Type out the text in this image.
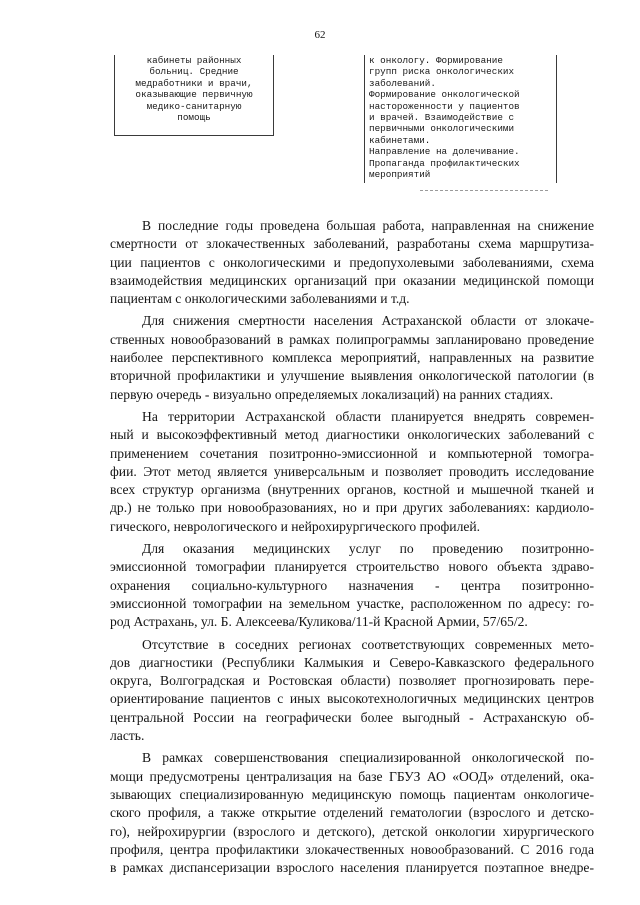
62
кабинеты районных
больниц. Средние
медработники и врачи,
оказывающие первичную
медико-санитарную
помощь
к онкологу. Формирование
групп риска онкологических
заболеваний.
Формирование онкологической
настороженности у пациентов
и врачей. Взаимодействие с
первичными онкологическими
кабинетами.
Направление на долечивание.
Пропаганда профилактических
мероприятий
В последние годы проведена большая работа, направленная на снижение
смертности от злокачественных заболеваний, разработаны схема маршрутиза-
ции пациентов с онкологическими и предопухолевыми заболеваниями, схема
взаимодействия медицинских организаций при оказании медицинской помощи
пациентам с онкологическими заболеваниями и т.д.
Для снижения смертности населения Астраханской области от злокаче-
ственных новообразований в рамках полипрограммы запланировано проведение
наиболее перспективного комплекса мероприятий, направленных на развитие
вторичной профилактики и улучшение выявления онкологической патологии (в
первую очередь - визуально определяемых локализаций) на ранних стадиях.
На территории Астраханской области планируется внедрять современ-
ный и высокоэффективный метод диагностики онкологических заболеваний с
применением сочетания позитронно-эмиссионной и компьютерной томогра-
фии. Этот метод является универсальным и позволяет проводить исследование
всех структур организма (внутренних органов, костной и мышечной тканей и
др.) не только при новообразованиях, но и при других заболеваниях: кардиоло-
гического, неврологического и нейрохирургического профилей.
Для оказания медицинских услуг по проведению позитронно-
эмиссионной томографии планируется строительство нового объекта здраво-
охранения социально-культурного назначения - центра позитронно-
эмиссионной томографии на земельном участке, расположенном по адресу: го-
род Астрахань, ул. Б. Алексеева/Куликова/11-й Красной Армии, 57/65/2.
Отсутствие в соседних регионах соответствующих современных мето-
дов диагностики (Республики Калмыкия и Северо-Кавказского федерального
округа, Волгоградская и Ростовская области) позволяет прогнозировать пере-
ориентирование пациентов с иных высокотехнологичных медицинских центров
центральной России на географически более выгодный - Астраханскую об-
ласть.
В рамках совершенствования специализированной онкологической по-
мощи предусмотрены централизация на базе ГБУЗ АО «ООД» отделений, ока-
зывающих специализированную медицинскую помощь пациентам онкологиче-
ского профиля, а также открытие отделений гематологии (взрослого и детско-
го), нейрохирургии (взрослого и детского), детской онкологии хирургического
профиля, центра профилактики злокачественных новообразований. С 2016 года
в рамках диспансеризации взрослого населения планируется поэтапное внедре-
